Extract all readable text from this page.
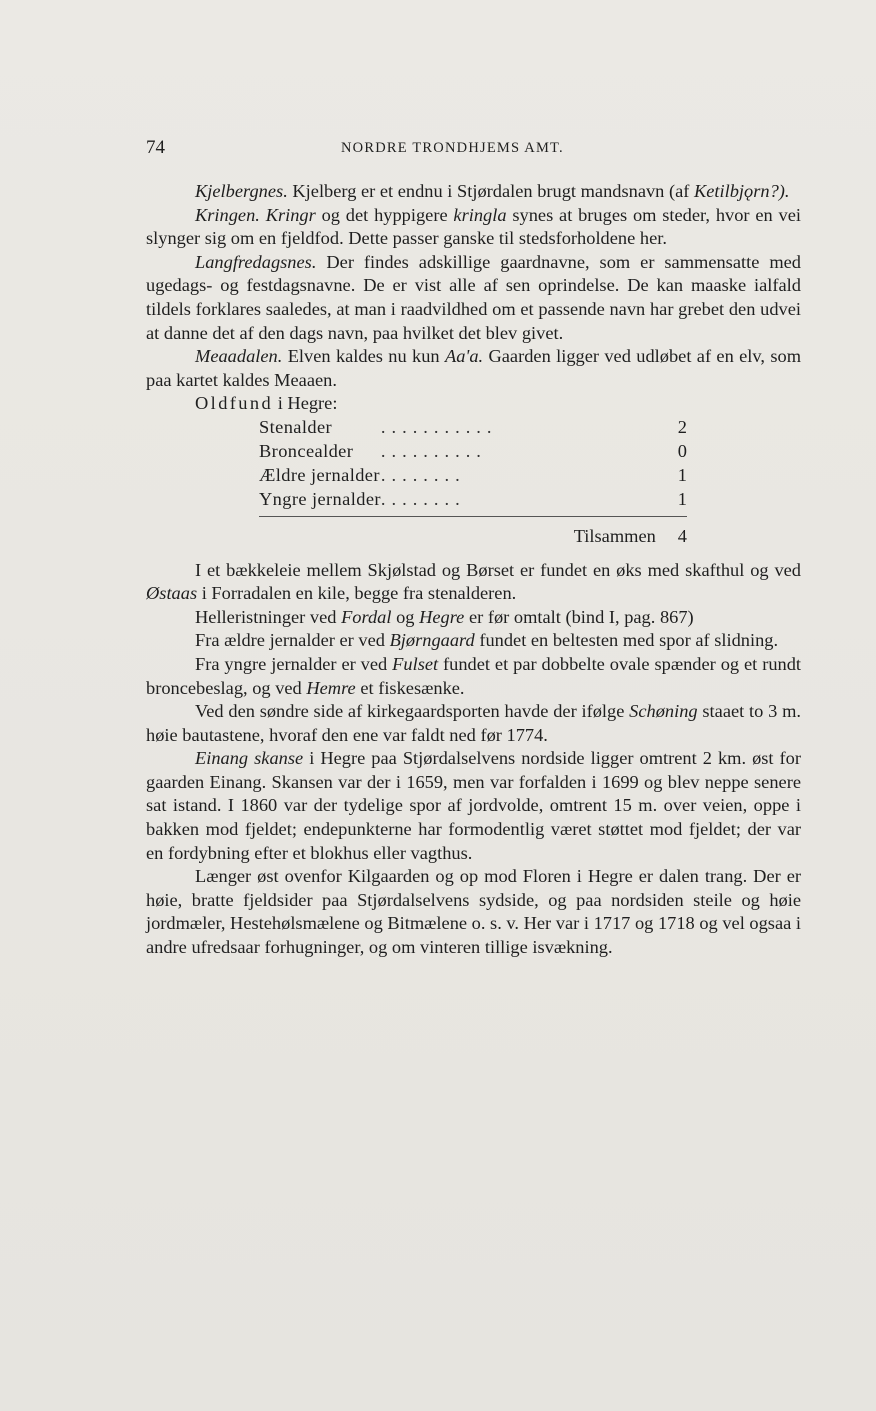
74	NORDRE TRONDHJEMS AMT.

Kjelbergnes. Kjelberg er et endnu i Stjørdalen brugt mandsnavn (af Ketilbjǫrn?).

Kringen. Kringr og det hyppigere kringla synes at bruges om steder, hvor en vei slynger sig om en fjeldfod. Dette passer ganske til stedsforholdene her.

Langfredagsnes. Der findes adskillige gaardnavne, som er sammensatte med ugedags- og festdagsnavne. De er vist alle af sen oprindelse. De kan maaske ialfald tildels forklares saaledes, at man i raadvildhed om et passende navn har grebet den udvei at danne det af den dags navn, paa hvilket det blev givet.

Meaadalen. Elven kaldes nu kun Aa'a. Gaarden ligger ved udløbet af en elv, som paa kartet kaldes Meaaen.

Oldfund i Hegre:

Stenalder	...........	2
Broncealder	..........	0
Ældre jernalder	........	1
Yngre jernalder	........	1
Tilsammen 4

I et bækkeleie mellem Skjølstad og Børset er fundet en øks med skafthul og ved Østaas i Forradalen en kile, begge fra stenalderen.

Helleristninger ved Fordal og Hegre er før omtalt (bind I, pag. 867)

Fra ældre jernalder er ved Bjørngaard fundet en beltesten med spor af slidning.

Fra yngre jernalder er ved Fulset fundet et par dobbelte ovale spænder og et rundt broncebeslag, og ved Hemre et fiskesænke.

Ved den søndre side af kirkegaardsporten havde der ifølge Schøning staaet to 3 m. høie bautastene, hvoraf den ene var faldt ned før 1774.

Einang skanse i Hegre paa Stjørdalselvens nordside ligger omtrent 2 km. øst for gaarden Einang. Skansen var der i 1659, men var forfalden i 1699 og blev neppe senere sat istand. I 1860 var der tydelige spor af jordvolde, omtrent 15 m. over veien, oppe i bakken mod fjeldet; endepunkterne har formodentlig været støttet mod fjeldet; der var en fordybning efter et blokhus eller vagthus.

Længer øst ovenfor Kilgaarden og op mod Floren i Hegre er dalen trang. Der er høie, bratte fjeldsider paa Stjørdalselvens sydside, og paa nordsiden steile og høie jordmæler, Hestehølsmælene og Bitmælene o. s. v. Her var i 1717 og 1718 og vel ogsaa i andre ufredsaar forhugninger, og om vinteren tillige isvækning.
